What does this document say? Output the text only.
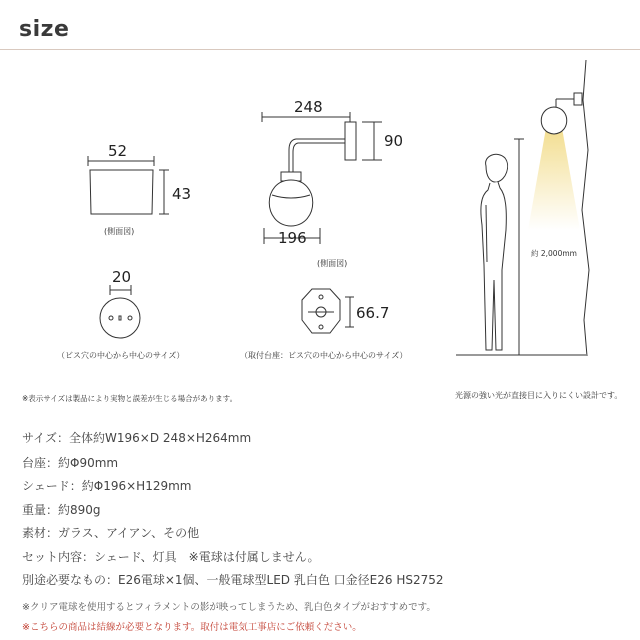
size
52
43
(側面図)
248
90
196
(側面図)
20
（ビス穴の中心から中心のサイズ）
66.7
（取付台座：ビス穴の中心から中心のサイズ）
約 2,000mm
光源の強い光が直接目に入りにくい設計です。
※表示サイズは製品により実物と誤差が生じる場合があります。
サイズ：全体約W196×D 248×H264mm
台座：約Φ90mm
シェード：約Φ196×H129mm
重量：約890g
素材：ガラス、アイアン、その他
セット内容：シェード、灯具　※電球は付属しません。
別途必要なもの：E26電球×1個、一般電球型LED 乳白色 口金径E26 HS2752
※クリア電球を使用するとフィラメントの影が映ってしまうため、乳白色タイプがおすすめです。
※こちらの商品は結線が必要となります。取付は電気工事店にご依頼ください。
